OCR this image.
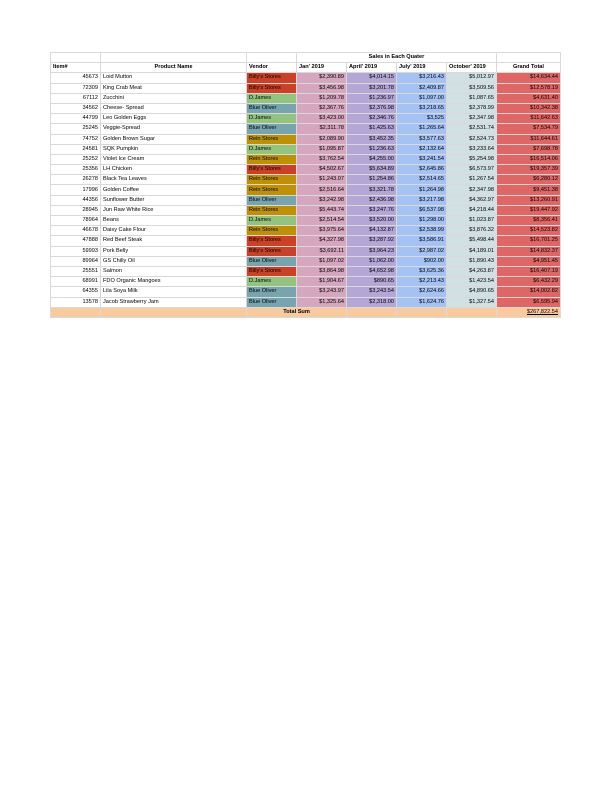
			Sales in Each Quater				
Item#	Product Name	Vendor	Jan' 2019	April' 2019	July' 2019	October' 2019	Grand Total
45673	Loid Mutton	Billy's Stores	$2,390.89	$4,014.15	$3,216.43	$5,012.97	$14,634.44
72309	King Crab Meat	Billy's Stores	$3,456.98	$3,201.78	$2,409.87	$3,509.56	$12,578.19
67112	Zucchini	D.James	$1,209.78	$1,236.97	$1,097.00	$1,087.65	$4,631.40
34562	Cheese- Spread	Blue Oliver	$2,367.76	$2,376.98	$3,218.65	$2,378.99	$10,342.38
44799	Leo Golden Eggs	D.James	$3,423.00	$2,346.76	$3,525	$2,347.98	$11,642.63
25245	Veggie-Spread	Blue Oliver	$2,311.78	$1,425.63	$1,265.64	$2,531.74	$7,534.79
74752	Golden Brown Sugar	Rein Stores	$2,089.90	$3,452.35	$3,577.63	$2,524.73	$11,644.61
24581	SQK Pumpkin	D.James	$1,095.87	$1,236.63	$2,132.64	$3,233.64	$7,698.78
25252	Violet Ice Cream	Rein Stores	$3,762.54	$4,255.00	$3,241.54	$5,254.98	$16,514.06
25356	LH Chicken	Billy's Stores	$4,502.67	$5,634.89	$2,645.86	$6,573.97	$19,357.39
26278	Black Tea Leaves	Rein Stores	$1,243.07	$1,254.86	$2,514.65	$1,267.54	$6,280.12
17996	Golden Coffee	Rein Stores	$2,516.64	$3,321.78	$1,264.98	$2,347.98	$9,451.38
44356	Sunflower Butter	Blue Oliver	$3,242.98	$2,436.98	$3,217.98	$4,362.97	$13,260.91
28945	Jun Raw White Rice	Rein Stores	$5,443.74	$3,247.76	$6,537.98	$4,218.44	$19,447.92
78964	Beans	D.James	$2,514.54	$3,520.00	$1,298.00	$1,023.87	$8,356.41
46678	Daisy Cake Flour	Rein Stores	$3,975.64	$4,132.87	$2,538.99	$3,876.32	$14,523.82
47888	Red Beef Steak	Billy's Stores	$4,327.98	$3,287.92	$3,586.91	$5,498.44	$16,701.25
59993	Pork Belly	Billy's Stores	$3,692.11	$3,964.23	$2,987.02	$4,189.01	$14,832.37
89964	GS Chilly Oil	Blue Oliver	$1,097.02	$1,062.00	$902.00	$1,890.43	$4,951.45
25551	Salmon	Billy's Stores	$3,864.98	$4,652.98	$3,625.36	$4,263.87	$16,407.19
68991	FDO Organic Mangoes	D.James	$1,904.67	$890.65	$2,213.43	$1,423.54	$6,432.29
64355	Lila Soya Milk	Blue Oliver	$3,243.97	$3,243.54	$2,624.66	$4,890.65	$14,002.82
13578	Jacob Strawberry Jam	Blue Oliver	$1,325.64	$2,318.00	$1,624.76	$1,327.54	$6,595.94
		Total Sum					$267,822.54
